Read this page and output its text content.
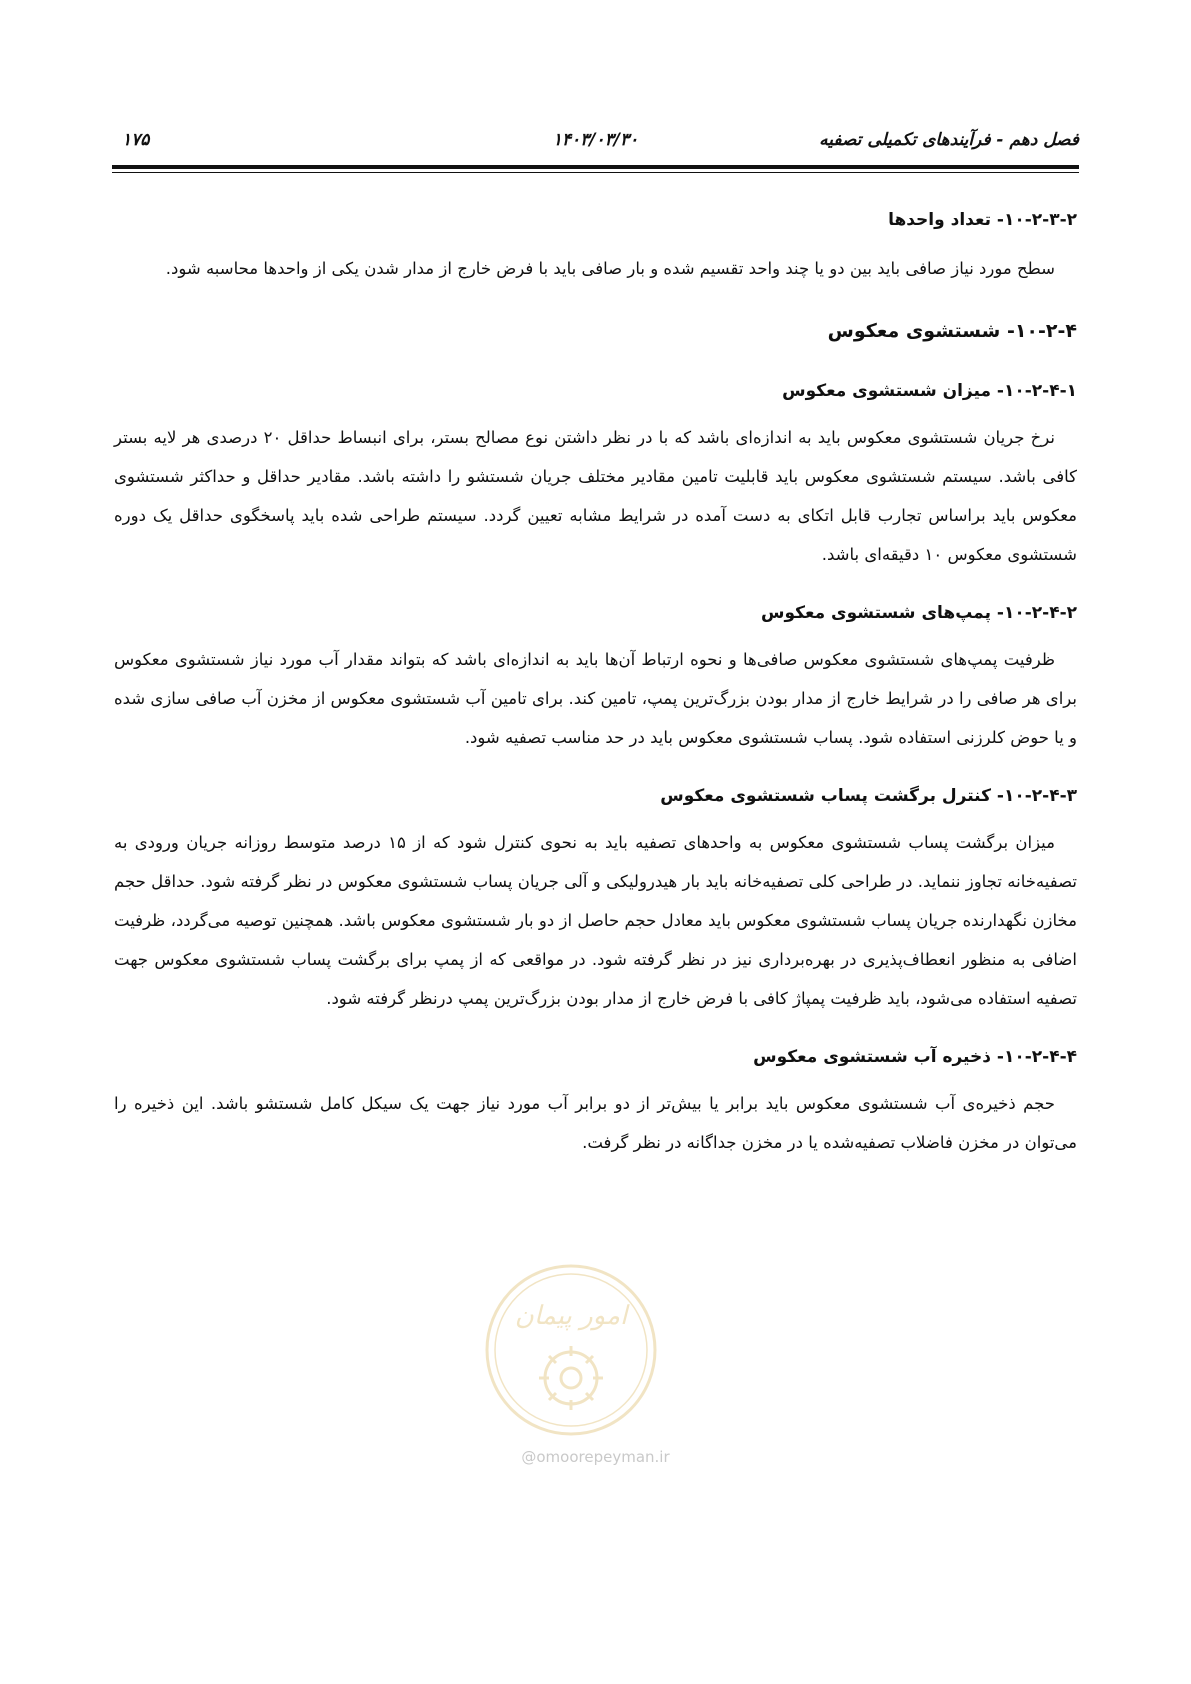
فصل دهم - فرآیندهای تکمیلی تصفیه
۱۴۰۳/۰۳/۳۰
۱۷۵

۱۰-۲-۳-۲- تعداد واحدها

سطح مورد نیاز صافی باید بین دو یا چند واحد تقسیم شده و بار صافی باید با فرض خارج از مدار شدن یکی از واحدها محاسبه شود.

۱۰-۲-۴- شستشوی معکوس

۱۰-۲-۴-۱- میزان شستشوی معکوس

نرخ جریان شستشوی معکوس باید به اندازه‌ای باشد که با در نظر داشتن نوع مصالح بستر، برای انبساط حداقل ۲۰ درصدی هر لایه بستر کافی باشد. سیستم شستشوی معکوس باید قابلیت تامین مقادیر مختلف جریان شستشو را داشته باشد. مقادیر حداقل و حداکثر شستشوی معکوس باید براساس تجارب قابل اتکای به دست آمده در شرایط مشابه تعیین گردد. سیستم طراحی شده باید پاسخگوی حداقل یک دوره شستشوی معکوس ۱۰ دقیقه‌ای باشد.

۱۰-۲-۴-۲- پمپ‌های شستشوی معکوس

ظرفیت پمپ‌های شستشوی معکوس صافی‌ها و نحوه ارتباط آن‌ها باید به اندازه‌ای باشد که بتواند مقدار آب مورد نیاز شستشوی معکوس برای هر صافی را در شرایط خارج از مدار بودن بزرگ‌ترین پمپ، تامین کند. برای تامین آب شستشوی معکوس از مخزن آب صافی سازی شده و یا حوض کلرزنی استفاده شود. پساب شستشوی معکوس باید در حد مناسب تصفیه شود.

۱۰-۲-۴-۳- کنترل برگشت پساب شستشوی معکوس

میزان برگشت پساب شستشوی معکوس به واحدهای تصفیه باید به نحوی کنترل شود که از ۱۵ درصد متوسط روزانه جریان ورودی به تصفیه‌خانه تجاوز ننماید. در طراحی کلی تصفیه‌خانه باید بار هیدرولیکی و آلی جریان پساب شستشوی معکوس در نظر گرفته شود. حداقل حجم مخازن نگهدارنده جریان پساب شستشوی معکوس باید معادل حجم حاصل از دو بار شستشوی معکوس باشد. همچنین توصیه می‌گردد، ظرفیت اضافی به منظور انعطاف‌پذیری در بهره‌برداری نیز در نظر گرفته شود. در مواقعی که از پمپ برای برگشت پساب شستشوی معکوس جهت تصفیه استفاده می‌شود، باید ظرفیت پمپاژ کافی با فرض خارج از مدار بودن بزرگ‌ترین پمپ درنظر گرفته شود.

۱۰-۲-۴-۴- ذخیره آب شستشوی معکوس

حجم ذخیره‌ی آب شستشوی معکوس باید برابر یا بیش‌تر از دو برابر آب مورد نیاز جهت یک سیکل کامل شستشو باشد. این ذخیره را می‌توان در مخزن فاضلاب تصفیه‌شده یا در مخزن جداگانه در نظر گرفت.

امور پیمان
@omoorepeyman.ir
